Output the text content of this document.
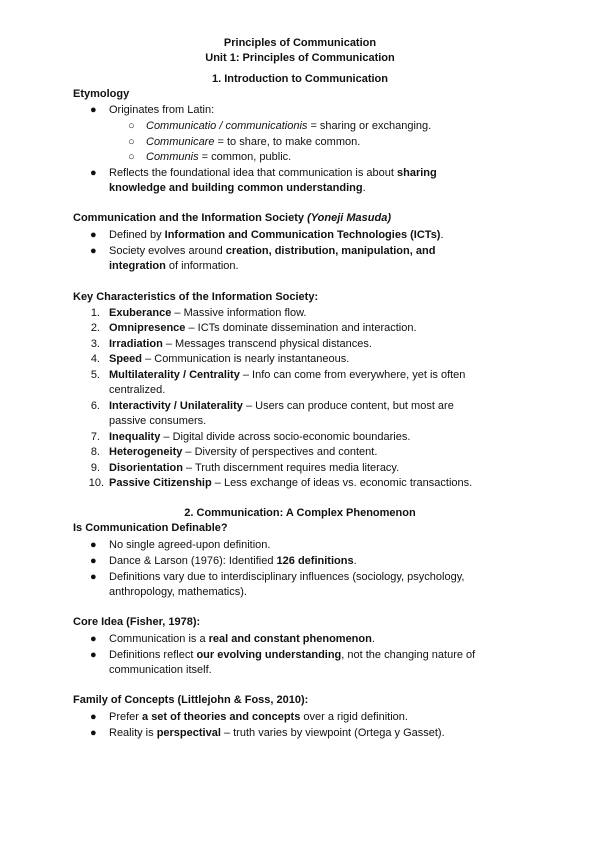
Principles of Communication
Unit 1: Principles of Communication
1. Introduction to Communication
Etymology
● Originates from Latin:
○ Communicatio / communicationis = sharing or exchanging.
○ Communicare = to share, to make common.
○ Communis = common, public.
● Reflects the foundational idea that communication is about sharing
knowledge and building common understanding.
Communication and the Information Society (Yoneji Masuda)
● Defined by Information and Communication Technologies (ICTs).
● Society evolves around creation, distribution, manipulation, and
integration of information.
Key Characteristics of the Information Society:
1. Exuberance – Massive information flow.
2. Omnipresence – ICTs dominate dissemination and interaction.
3. Irradiation – Messages transcend physical distances.
4. Speed – Communication is nearly instantaneous.
5. Multilaterality / Centrality – Info can come from everywhere, yet is often
centralized.
6. Interactivity / Unilaterality – Users can produce content, but most are
passive consumers.
7. Inequality – Digital divide across socio-economic boundaries.
8. Heterogeneity – Diversity of perspectives and content.
9. Disorientation – Truth discernment requires media literacy.
10. Passive Citizenship – Less exchange of ideas vs. economic transactions.
2. Communication: A Complex Phenomenon
Is Communication Definable?
● No single agreed-upon definition.
● Dance & Larson (1976): Identified 126 definitions.
● Definitions vary due to interdisciplinary influences (sociology, psychology,
anthropology, mathematics).
Core Idea (Fisher, 1978):
● Communication is a real and constant phenomenon.
● Definitions reflect our evolving understanding, not the changing nature of
communication itself.
Family of Concepts (Littlejohn & Foss, 2010):
● Prefer a set of theories and concepts over a rigid definition.
● Reality is perspectival – truth varies by viewpoint (Ortega y Gasset).
